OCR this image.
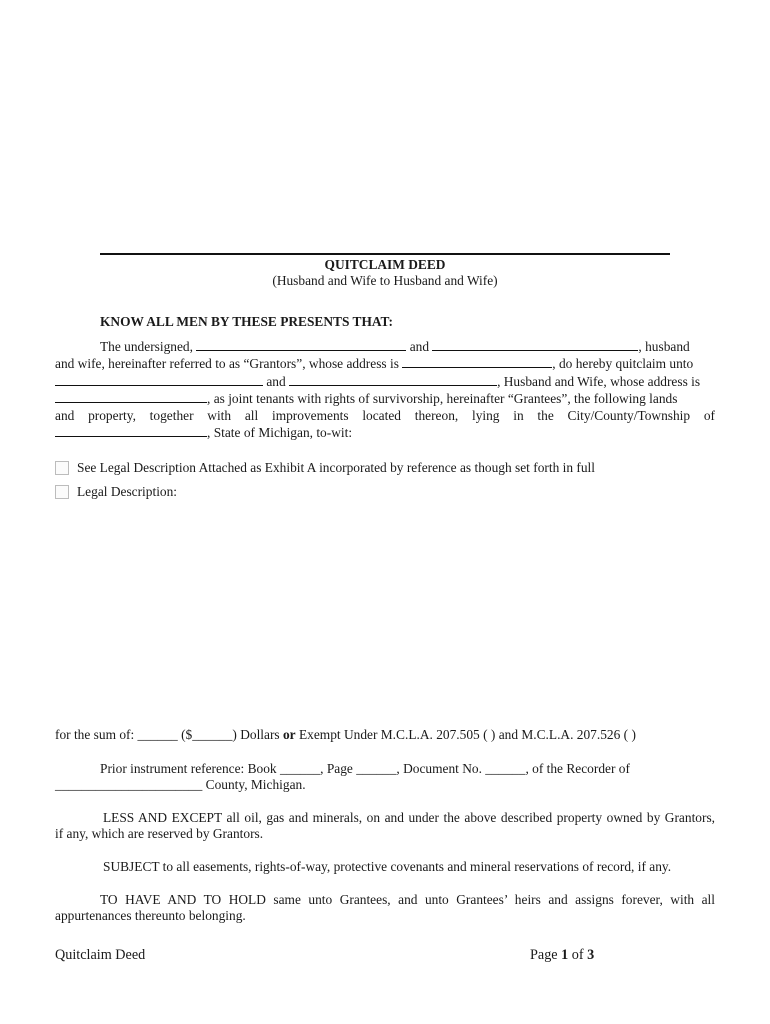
QUITCLAIM DEED
(Husband and Wife to Husband and Wife)
KNOW ALL MEN BY THESE PRESENTS THAT:
The undersigned,	and	, husband
and wife, hereinafter referred to as “Grantors”, whose address is	, do hereby quitclaim unto
and	, Husband and Wife, whose address is
, as joint tenants with rights of survivorship, hereinafter “Grantees”, the following lands
and property, together with all improvements located thereon, lying in the City/County/Township of
, State of Michigan, to-wit:
See Legal Description Attached as Exhibit A incorporated by reference as though set forth in full
Legal Description:
for the sum of: ______ ($______) Dollars or Exempt Under M.C.L.A. 207.505 ( ) and M.C.L.A. 207.526 ( )
Prior instrument reference: Book ______, Page ______, Document No. ______, of the Recorder of
______________________ County, Michigan.
LESS AND EXCEPT all oil, gas and minerals, on and under the above described property owned by Grantors,
if any, which are reserved by Grantors.
SUBJECT to all easements, rights-of-way, protective covenants and mineral reservations of record, if any.
TO HAVE AND TO HOLD same unto Grantees, and unto Grantees’ heirs and assigns forever, with all
appurtenances thereunto belonging.
Quitclaim Deed	Page 1 of 3
